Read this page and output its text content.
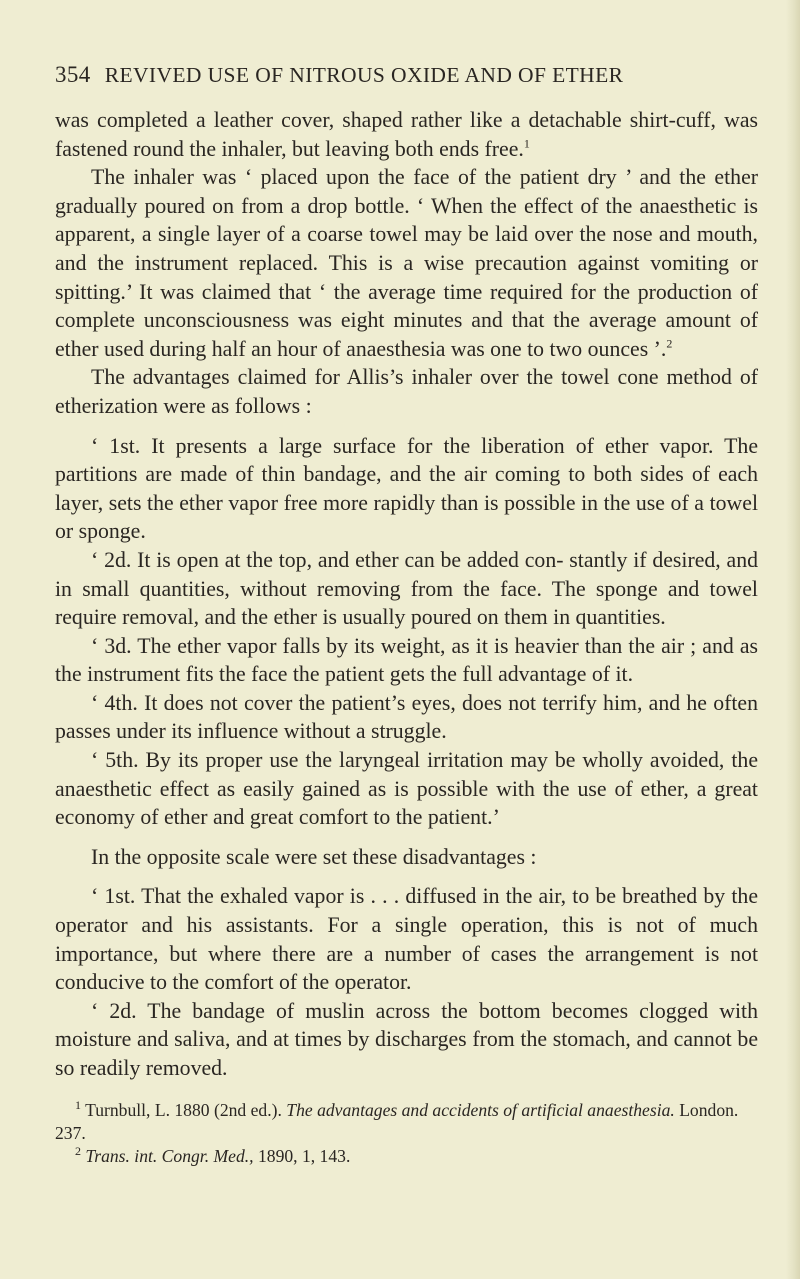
354 REVIVED USE OF NITROUS OXIDE AND OF ETHER
was completed a leather cover, shaped rather like a detachable shirt-cuff, was fastened round the inhaler, but leaving both ends free.$^1$
The inhaler was ‘ placed upon the face of the patient dry ’ and the ether gradually poured on from a drop bottle. ‘ When the effect of the anaesthetic is apparent, a single layer of a coarse towel may be laid over the nose and mouth, and the instrument replaced. This is a wise precaution against vomiting or spitting.’ It was claimed that ‘ the average time required for the production of complete unconsciousness was eight minutes and that the average amount of ether used during half an hour of anaesthesia was one to two ounces ’.$^2$
The advantages claimed for Allis’s inhaler over the towel cone method of etherization were as follows :
‘ 1st. It presents a large surface for the liberation of ether vapor. The partitions are made of thin bandage, and the air coming to both sides of each layer, sets the ether vapor free more rapidly than is possible in the use of a towel or sponge.
‘ 2d. It is open at the top, and ether can be added con- stantly if desired, and in small quantities, without removing from the face. The sponge and towel require removal, and the ether is usually poured on them in quantities.
‘ 3d. The ether vapor falls by its weight, as it is heavier than the air ; and as the instrument fits the face the patient gets the full advantage of it.
‘ 4th. It does not cover the patient’s eyes, does not terrify him, and he often passes under its influence without a struggle.
‘ 5th. By its proper use the laryngeal irritation may be wholly avoided, the anaesthetic effect as easily gained as is possible with the use of ether, a great economy of ether and great comfort to the patient.’
In the opposite scale were set these disadvantages :
‘ 1st. That the exhaled vapor is . . . diffused in the air, to be breathed by the operator and his assistants. For a single operation, this is not of much importance, but where there are a number of cases the arrangement is not conducive to the comfort of the operator.
‘ 2d. The bandage of muslin across the bottom becomes clogged with moisture and saliva, and at times by discharges from the stomach, and cannot be so readily removed.
$^1$ Turnbull, L. 1880 (2nd ed.). The advantages and accidents of artificial anaesthesia. London. 237.
$^2$ Trans. int. Congr. Med., 1890, 1, 143.
